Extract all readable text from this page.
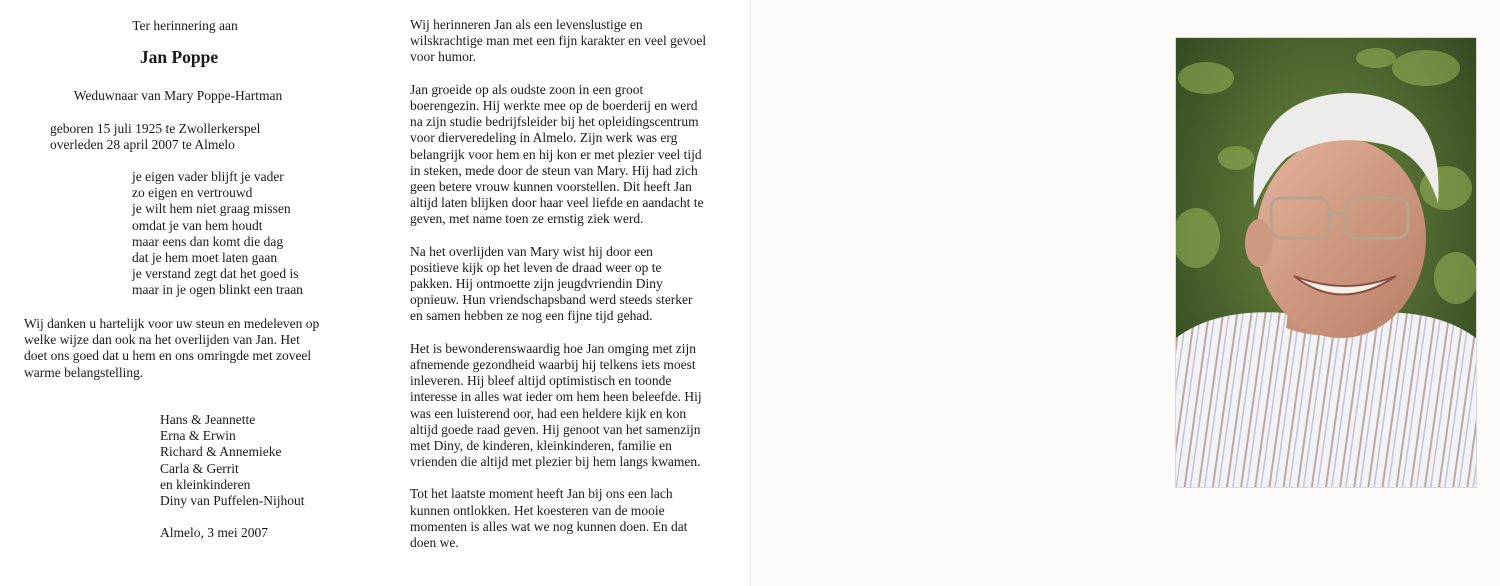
Ter herinnering aan
Jan Poppe
Weduwnaar van Mary Poppe-Hartman
geboren 15 juli 1925 te Zwollerkerspel
overleden 28 april 2007 te Almelo
je eigen vader blijft je vader
zo eigen en vertrouwd
je wilt hem niet graag missen
omdat je van hem houdt
maar eens dan komt die dag
dat je hem moet laten gaan
je verstand zegt dat het goed is
maar in je ogen blinkt een traan
Wij danken u hartelijk voor uw steun en medeleven op
welke wijze dan ook na het overlijden van Jan. Het
doet ons goed dat u hem en ons omringde met zoveel
warme belangstelling.
Hans & Jeannette
Erna & Erwin
Richard & Annemieke
Carla & Gerrit
en kleinkinderen
Diny van Puffelen-Nijhout
Almelo, 3 mei 2007
Wij herinneren Jan als een levenslustige en
wilskrachtige man met een fijn karakter en veel gevoel
voor humor.
Jan groeide op als oudste zoon in een groot
boerengezin. Hij werkte mee op de boerderij en werd
na zijn studie bedrijfsleider bij het opleidingscentrum
voor dierveredeling in Almelo. Zijn werk was erg
belangrijk voor hem en hij kon er met plezier veel tijd
in steken, mede door de steun van Mary. Hij had zich
geen betere vrouw kunnen voorstellen. Dit heeft Jan
altijd laten blijken door haar veel liefde en aandacht te
geven, met name toen ze ernstig ziek werd.
Na het overlijden van Mary wist hij door een
positieve kijk op het leven de draad weer op te
pakken. Hij ontmoette zijn jeugdvriendin Diny
opnieuw. Hun vriendschapsband werd steeds sterker
en samen hebben ze nog een fijne tijd gehad.
Het is bewonderenswaardig hoe Jan omging met zijn
afnemende gezondheid waarbij hij telkens iets moest
inleveren. Hij bleef altijd optimistisch en toonde
interesse in alles wat ieder om hem heen beleefde. Hij
was een luisterend oor, had een heldere kijk en kon
altijd goede raad geven. Hij genoot van het samenzijn
met Diny, de kinderen, kleinkinderen, familie en
vrienden die altijd met plezier bij hem langs kwamen.
Tot het laatste moment heeft Jan bij ons een lach
kunnen ontlokken. Het koesteren van de mooie
momenten is alles wat we nog kunnen doen. En dat
doen we.
